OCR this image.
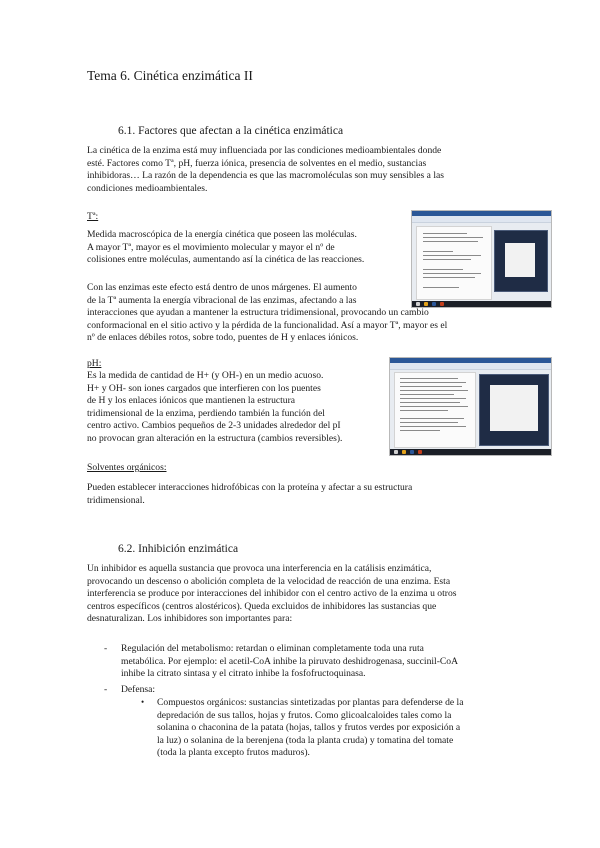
Tema 6. Cinética enzimática II
6.1. Factores que afectan a la cinética enzimática
La cinética de la enzima está muy influenciada por las condiciones medioambientales donde
esté. Factores como Tª, pH, fuerza iónica, presencia de solventes en el medio, sustancias
inhibidoras… La razón de la dependencia es que las macromoléculas son muy sensibles a las
condiciones medioambientales.
Tª:
Medida macroscópica de la energía cinética que poseen las moléculas.
A mayor Tª, mayor es el movimiento molecular y mayor el nº de
colisiones entre moléculas, aumentando así la cinética de las reacciones.
Con las enzimas este efecto está dentro de unos márgenes. El aumento
de la Tª aumenta la energía vibracional de las enzimas, afectando a las
interacciones que ayudan a mantener la estructura tridimensional, provocando un cambio
conformacional en el sitio activo y la pérdida de la funcionalidad. Así a mayor Tª, mayor es el
nº de enlaces débiles rotos, sobre todo, puentes de H y enlaces iónicos.
pH:
Es la medida de cantidad de H+ (y OH-) en un medio acuoso.
H+ y OH- son iones cargados que interfieren con los puentes
de H y los enlaces iónicos que mantienen la estructura
tridimensional de la enzima, perdiendo también la función del
centro activo. Cambios pequeños de 2-3 unidades alrededor del pI
no provocan gran alteración en la estructura (cambios reversibles).
Solventes orgánicos:
Pueden establecer interacciones hidrofóbicas con la proteína y afectar a su estructura
tridimensional.
6.2. Inhibición enzimática
Un inhibidor es aquella sustancia que provoca una interferencia en la catálisis enzimática,
provocando un descenso o abolición completa de la velocidad de reacción de una enzima. Esta
interferencia se produce por interacciones del inhibidor con el centro activo de la enzima u otros
centros específicos (centros alostéricos). Queda excluidos de inhibidores las sustancias que
desnaturalizan. Los inhibidores son importantes para:
- Regulación del metabolismo: retardan o eliminan completamente toda una ruta
metabólica. Por ejemplo: el acetil-CoA inhibe la piruvato deshidrogenasa, succinil-CoA
inhibe la citrato sintasa y el citrato inhibe la fosfofructoquinasa.
- Defensa:
• Compuestos orgánicos: sustancias sintetizadas por plantas para defenderse de la
depredación de sus tallos, hojas y frutos. Como glicoalcaloides tales como la
solanina o chaconina de la patata (hojas, tallos y frutos verdes por exposición a
la luz) o solanina de la berenjena (toda la planta cruda) y tomatina del tomate
(toda la planta excepto frutos maduros).
